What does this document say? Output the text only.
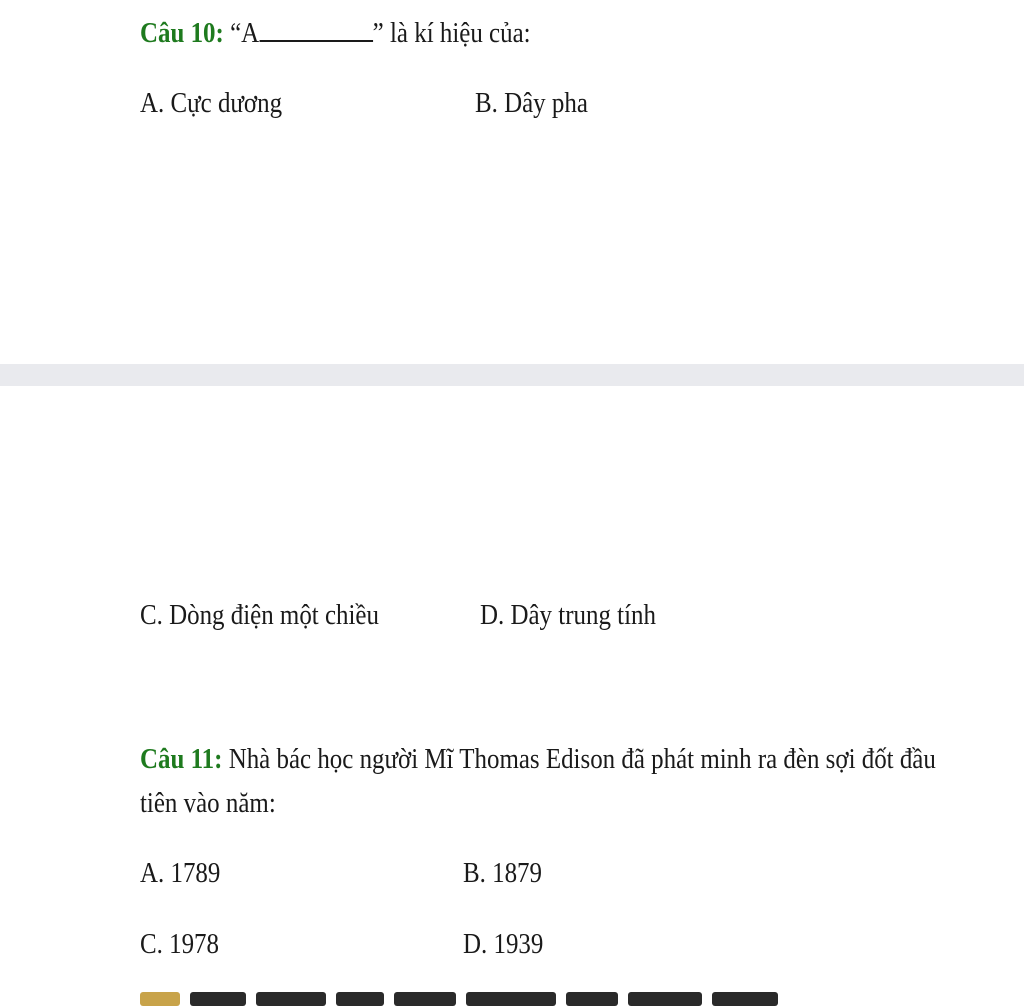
Câu 10: “A	” là kí hiệu của:
A. Cực dương	B. Dây pha
C. Dòng điện một chiều	D. Dây trung tính
Câu 11: Nhà bác học người Mĩ Thomas Edison đã phát minh ra đèn sợi đốt đầu
tiên vào năm:
A. 1789	B. 1879
C. 1978	D. 1939
